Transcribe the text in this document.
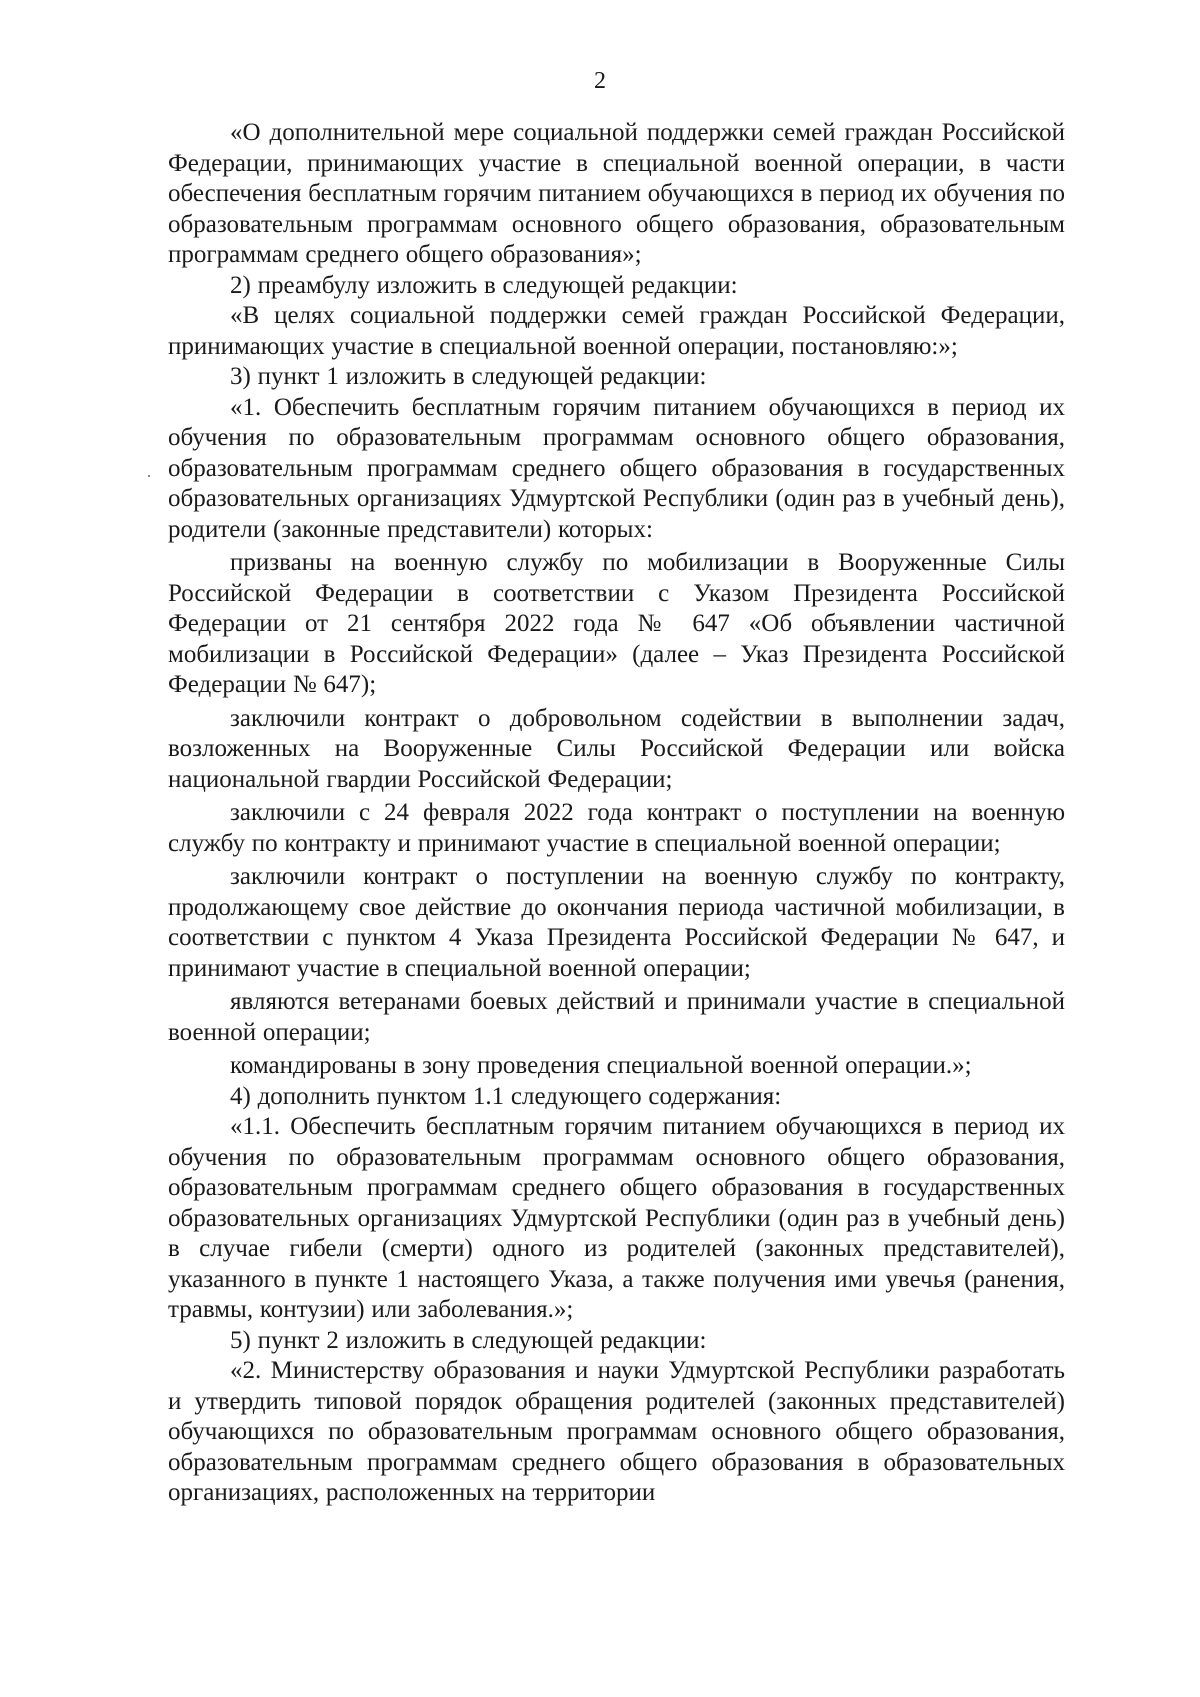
2

«О дополнительной мере социальной поддержки семей граждан Российской Федерации, принимающих участие в специальной военной операции, в части обеспечения бесплатным горячим питанием обучающихся в период их обучения по образовательным программам основного общего образования, образовательным программам среднего общего образования»;

2) преамбулу изложить в следующей редакции:

«В целях социальной поддержки семей граждан Российской Федерации, принимающих участие в специальной военной операции, постановляю:»;

3) пункт 1 изложить в следующей редакции:

«1. Обеспечить бесплатным горячим питанием обучающихся в период их обучения по образовательным программам основного общего образования, образовательным программам среднего общего образования в государственных образовательных организациях Удмуртской Республики (один раз в учебный день), родители (законные представители) которых:

призваны на военную службу по мобилизации в Вооруженные Силы Российской Федерации в соответствии с Указом Президента Российской Федерации от 21 сентября 2022 года № 647 «Об объявлении частичной мобилизации в Российской Федерации» (далее – Указ Президента Российской Федерации № 647);

заключили контракт о добровольном содействии в выполнении задач, возложенных на Вооруженные Силы Российской Федерации или войска национальной гвардии Российской Федерации;

заключили с 24 февраля 2022 года контракт о поступлении на военную службу по контракту и принимают участие в специальной военной операции;

заключили контракт о поступлении на военную службу по контракту, продолжающему свое действие до окончания периода частичной мобилизации, в соответствии с пунктом 4 Указа Президента Российской Федерации № 647, и принимают участие в специальной военной операции;

являются ветеранами боевых действий и принимали участие в специальной военной операции;

командированы в зону проведения специальной военной операции.»;

4) дополнить пунктом 1.1 следующего содержания:

«1.1. Обеспечить бесплатным горячим питанием обучающихся в период их обучения по образовательным программам основного общего образования, образовательным программам среднего общего образования в государственных образовательных организациях Удмуртской Республики (один раз в учебный день) в случае гибели (смерти) одного из родителей (законных представителей), указанного в пункте 1 настоящего Указа, а также получения ими увечья (ранения, травмы, контузии) или заболевания.»;

5) пункт 2 изложить в следующей редакции:

«2. Министерству образования и науки Удмуртской Республики разработать и утвердить типовой порядок обращения родителей (законных представителей) обучающихся по образовательным программам основного общего образования, образовательным программам среднего общего образования в образовательных организациях, расположенных на территории
